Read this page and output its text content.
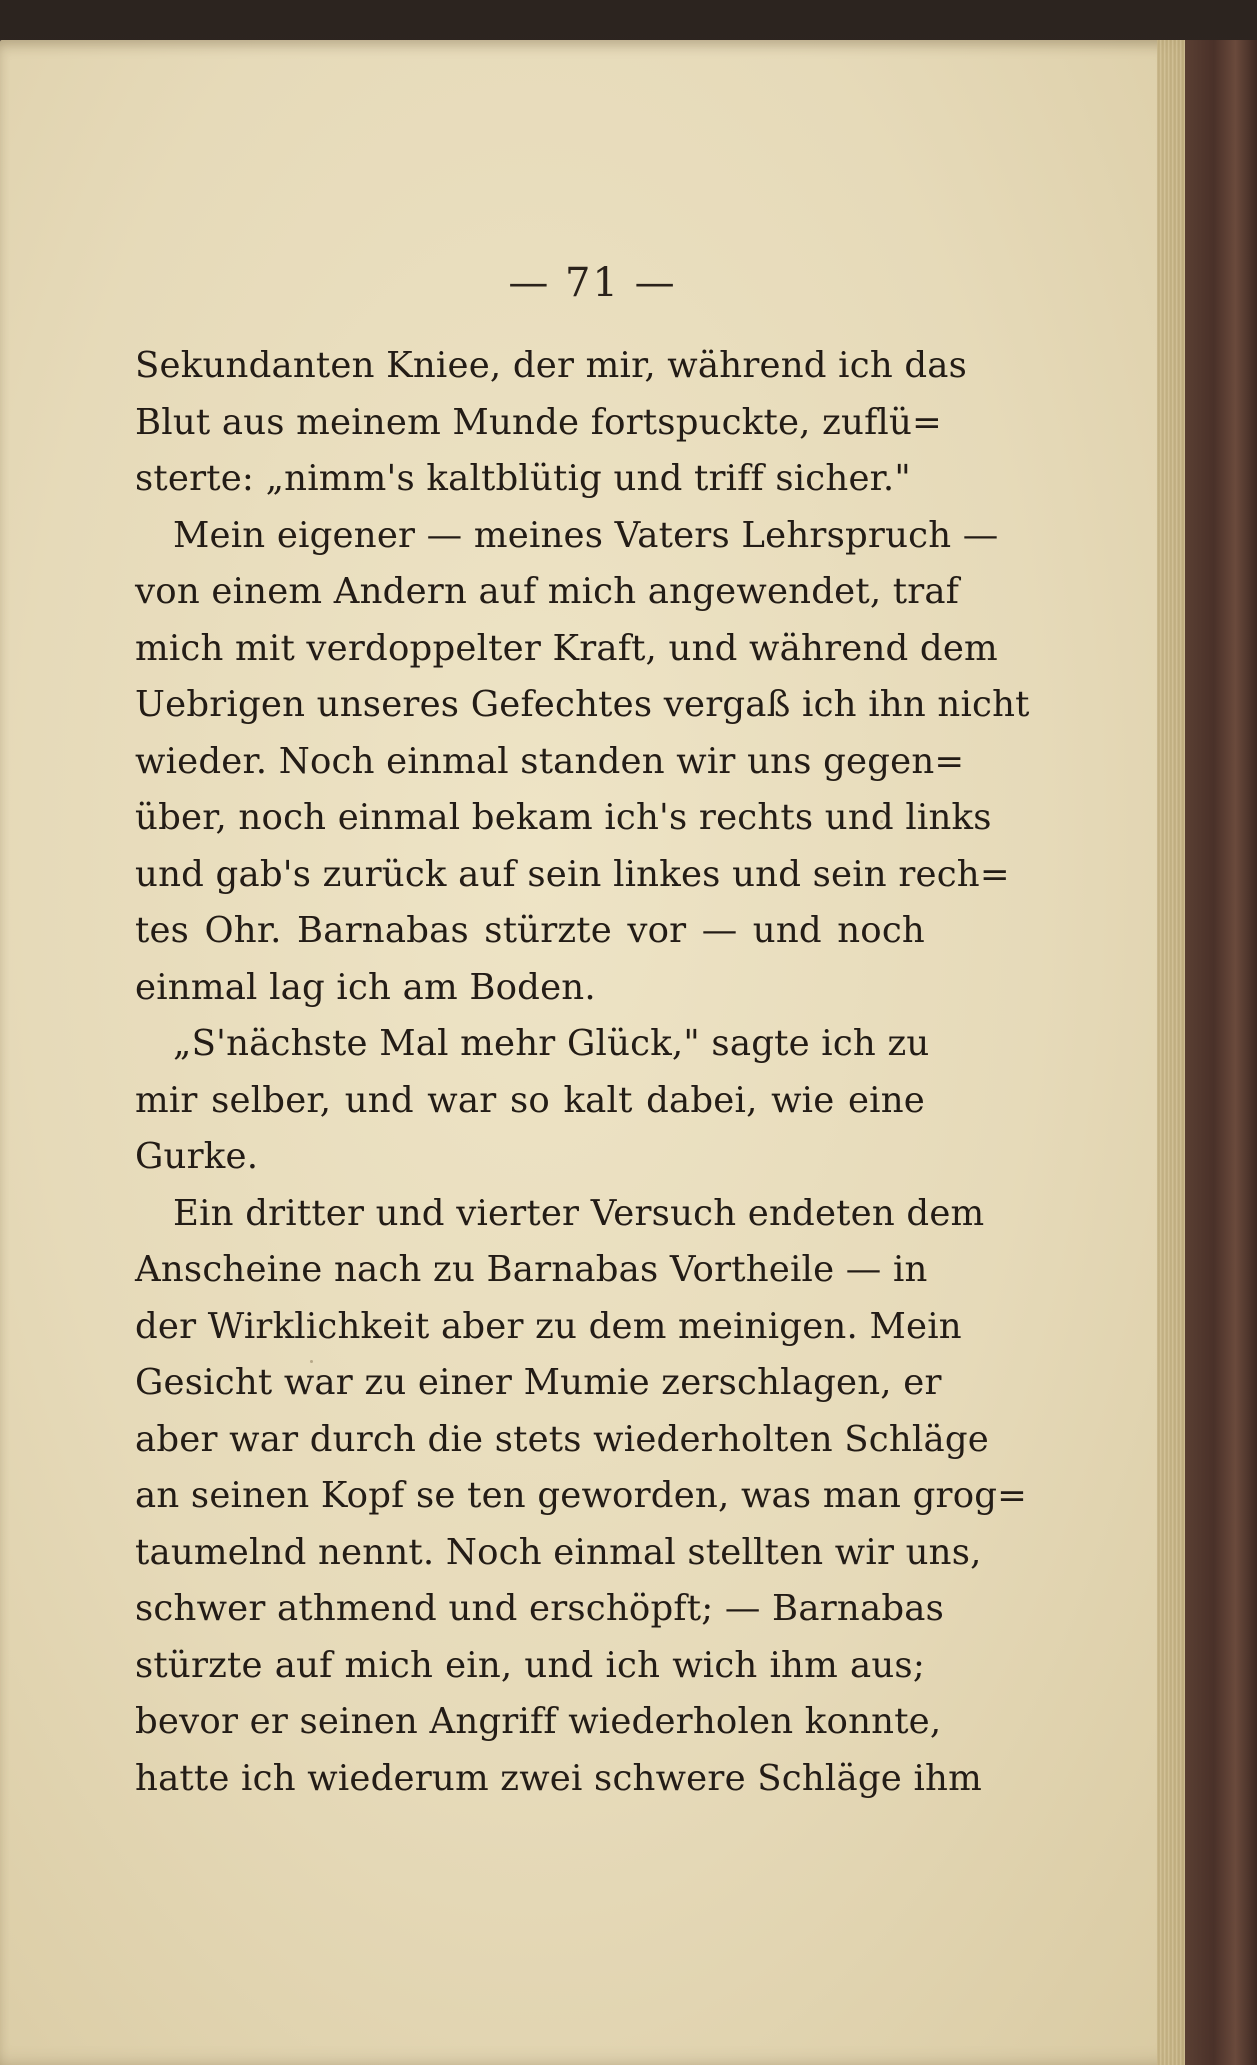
— 71 —
Sekundanten Kniee, der mir, während ich das
Blut aus meinem Munde fortspuckte, zuflü=
sterte: „nimm's kaltblütig und triff sicher."
Mein eigener — meines Vaters Lehrspruch —
von einem Andern auf mich angewendet, traf
mich mit verdoppelter Kraft, und während dem
Uebrigen unseres Gefechtes vergaß ich ihn nicht
wieder. Noch einmal standen wir uns gegen=
über, noch einmal bekam ich's rechts und links
und gab's zurück auf sein linkes und sein rech=
tes Ohr. Barnabas stürzte vor — und noch
einmal lag ich am Boden.
„S'nächste Mal mehr Glück," sagte ich zu
mir selber, und war so kalt dabei, wie eine
Gurke.
Ein dritter und vierter Versuch endeten dem
Anscheine nach zu Barnabas Vortheile — in
der Wirklichkeit aber zu dem meinigen. Mein
Gesicht war zu einer Mumie zerschlagen, er
aber war durch die stets wiederholten Schläge
an seinen Kopf se ten geworden, was man grog=
taumelnd nennt. Noch einmal stellten wir uns,
schwer athmend und erschöpft; — Barnabas
stürzte auf mich ein, und ich wich ihm aus;
bevor er seinen Angriff wiederholen konnte,
hatte ich wiederum zwei schwere Schläge ihm
